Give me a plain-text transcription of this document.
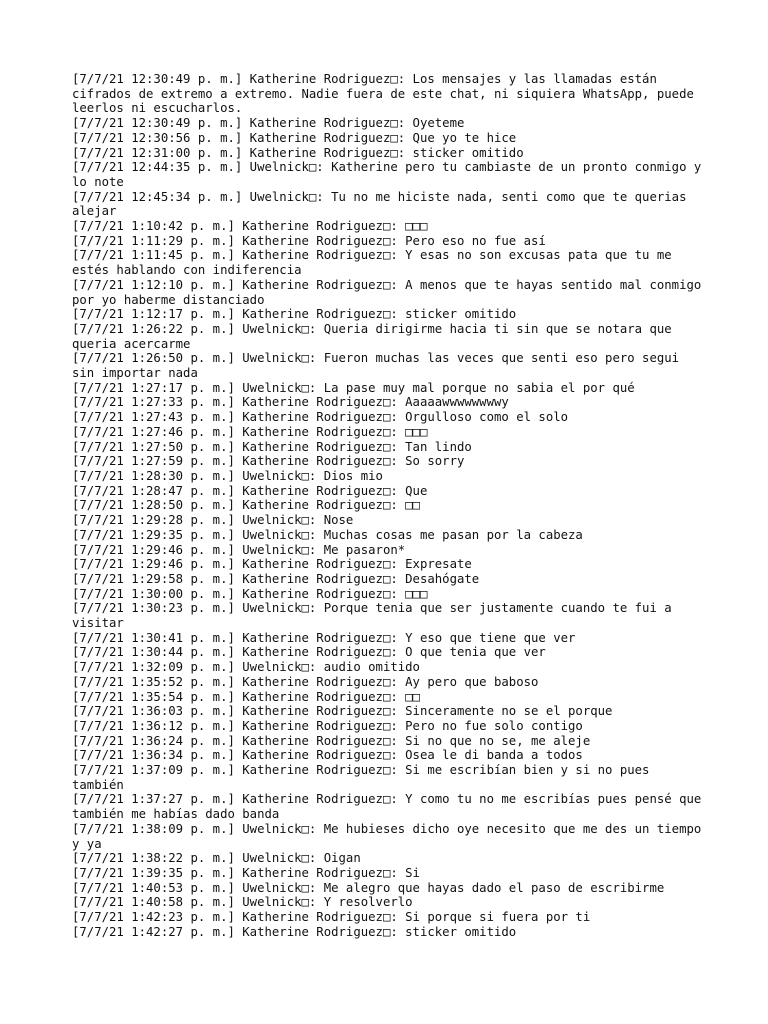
[7/7/21 12:30:49 p. m.] Katherine Rodriguez□: Los mensajes y las llamadas están cifrados de extremo a extremo. Nadie fuera de este chat, ni siquiera WhatsApp, puede leerlos ni escucharlos.
[7/7/21 12:30:49 p. m.] Katherine Rodriguez□: Oyeteme
[7/7/21 12:30:56 p. m.] Katherine Rodriguez□: Que yo te hice
[7/7/21 12:31:00 p. m.] Katherine Rodriguez□: sticker omitido
[7/7/21 12:44:35 p. m.] Uwelnick□: Katherine pero tu cambiaste de un pronto conmigo y lo note
[7/7/21 12:45:34 p. m.] Uwelnick□: Tu no me hiciste nada, senti como que te querias alejar
[7/7/21 1:10:42 p. m.] Katherine Rodriguez□: □□□
[7/7/21 1:11:29 p. m.] Katherine Rodriguez□: Pero eso no fue así
[7/7/21 1:11:45 p. m.] Katherine Rodriguez□: Y esas no son excusas pata que tu me estés hablando con indiferencia
[7/7/21 1:12:10 p. m.] Katherine Rodriguez□: A menos que te hayas sentido mal conmigo por yo haberme distanciado
[7/7/21 1:12:17 p. m.] Katherine Rodriguez□: sticker omitido
[7/7/21 1:26:22 p. m.] Uwelnick□: Queria dirigirme hacia ti sin que se notara que queria acercarme
[7/7/21 1:26:50 p. m.] Uwelnick□: Fueron muchas las veces que senti eso pero segui sin importar nada
[7/7/21 1:27:17 p. m.] Uwelnick□: La pase muy mal porque no sabia el por qué
[7/7/21 1:27:33 p. m.] Katherine Rodriguez□: Aaaaawwwwwwwwy
[7/7/21 1:27:43 p. m.] Katherine Rodriguez□: Orgulloso como el solo
[7/7/21 1:27:46 p. m.] Katherine Rodriguez□: □□□
[7/7/21 1:27:50 p. m.] Katherine Rodriguez□: Tan lindo
[7/7/21 1:27:59 p. m.] Katherine Rodriguez□: So sorry
[7/7/21 1:28:30 p. m.] Uwelnick□: Dios mio
[7/7/21 1:28:47 p. m.] Katherine Rodriguez□: Que
[7/7/21 1:28:50 p. m.] Katherine Rodriguez□: □□
[7/7/21 1:29:28 p. m.] Uwelnick□: Nose
[7/7/21 1:29:35 p. m.] Uwelnick□: Muchas cosas me pasan por la cabeza
[7/7/21 1:29:46 p. m.] Uwelnick□: Me pasaron*
[7/7/21 1:29:46 p. m.] Katherine Rodriguez□: Expresate
[7/7/21 1:29:58 p. m.] Katherine Rodriguez□: Desahógate
[7/7/21 1:30:00 p. m.] Katherine Rodriguez□: □□□
[7/7/21 1:30:23 p. m.] Uwelnick□: Porque tenia que ser justamente cuando te fui a visitar
[7/7/21 1:30:41 p. m.] Katherine Rodriguez□: Y eso que tiene que ver
[7/7/21 1:30:44 p. m.] Katherine Rodriguez□: O que tenia que ver
[7/7/21 1:32:09 p. m.] Uwelnick□: audio omitido
[7/7/21 1:35:52 p. m.] Katherine Rodriguez□: Ay pero que baboso
[7/7/21 1:35:54 p. m.] Katherine Rodriguez□: □□
[7/7/21 1:36:03 p. m.] Katherine Rodriguez□: Sinceramente no se el porque
[7/7/21 1:36:12 p. m.] Katherine Rodriguez□: Pero no fue solo contigo
[7/7/21 1:36:24 p. m.] Katherine Rodriguez□: Si no que no se, me aleje
[7/7/21 1:36:34 p. m.] Katherine Rodriguez□: Osea le di banda a todos
[7/7/21 1:37:09 p. m.] Katherine Rodriguez□: Si me escribían bien y si no pues también
[7/7/21 1:37:27 p. m.] Katherine Rodriguez□: Y como tu no me escribías pues pensé que también me habías dado banda
[7/7/21 1:38:09 p. m.] Uwelnick□: Me hubieses dicho oye necesito que me des un tiempo y ya
[7/7/21 1:38:22 p. m.] Uwelnick□: Oigan
[7/7/21 1:39:35 p. m.] Katherine Rodriguez□: Si
[7/7/21 1:40:53 p. m.] Uwelnick□: Me alegro que hayas dado el paso de escribirme
[7/7/21 1:40:58 p. m.] Uwelnick□: Y resolverlo
[7/7/21 1:42:23 p. m.] Katherine Rodriguez□: Si porque si fuera por ti
[7/7/21 1:42:27 p. m.] Katherine Rodriguez□: sticker omitido
